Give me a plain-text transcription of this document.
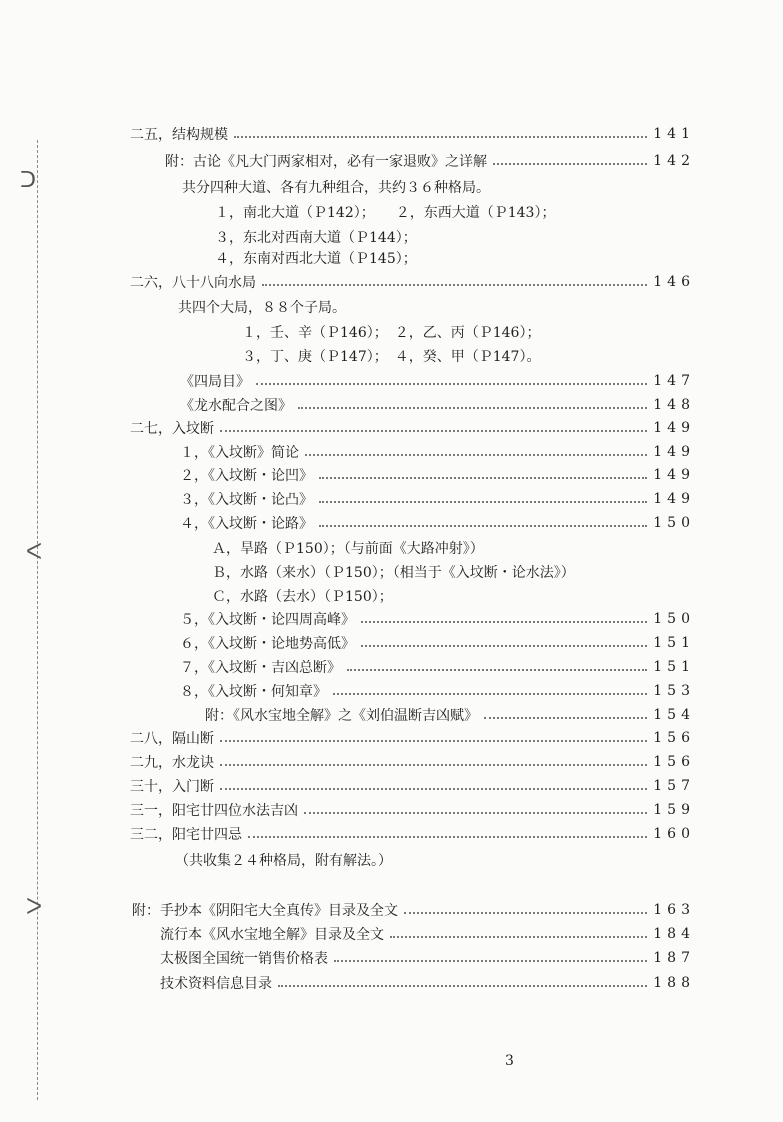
ᑐ
ᐸ
ᐳ
二五，结构规模	141
附：古论《凡大门两家相对，必有一家退败》之详解	142
共分四种大道、各有九种组合，共约３６种格局。
１，南北大道（Ｐ142）；　　２，东西大道（Ｐ143）；
３，东北对西南大道（Ｐ144）；
４，东南对西北大道（Ｐ145）；
二六，八十八向水局	146
共四个大局，８８个子局。
１，壬、辛（Ｐ146）；　２，乙、丙（Ｐ146）；
３，丁、庚（Ｐ147）；　４，癸、甲（Ｐ147）。
《四局目》	147
《龙水配合之图》	148
二七，入坟断	149
１，《入坟断》简论	149
２，《入坟断・论凹》	149
３，《入坟断・论凸》	149
４，《入坟断・论路》	150
Ａ，旱路（Ｐ150）；（与前面《大路冲射》）
Ｂ，水路（来水）（Ｐ150）；（相当于《入坟断・论水法》）
Ｃ，水路（去水）（Ｐ150）；
５，《入坟断・论四周高峰》	150
６，《入坟断・论地势高低》	151
７，《入坟断・吉凶总断》	151
８，《入坟断・何知章》	153
附：《风水宝地全解》之《刘伯温断吉凶赋》	154
二八，隔山断	156
二九，水龙诀	156
三十，入门断	157
三一，阳宅廿四位水法吉凶	159
三二，阳宅廿四忌	160
（共收集２４种格局，附有解法。）
附：手抄本《阴阳宅大全真传》目录及全文	163
流行本《风水宝地全解》目录及全文	184
太极图全国统一销售价格表	187
技术资料信息目录	188
3
